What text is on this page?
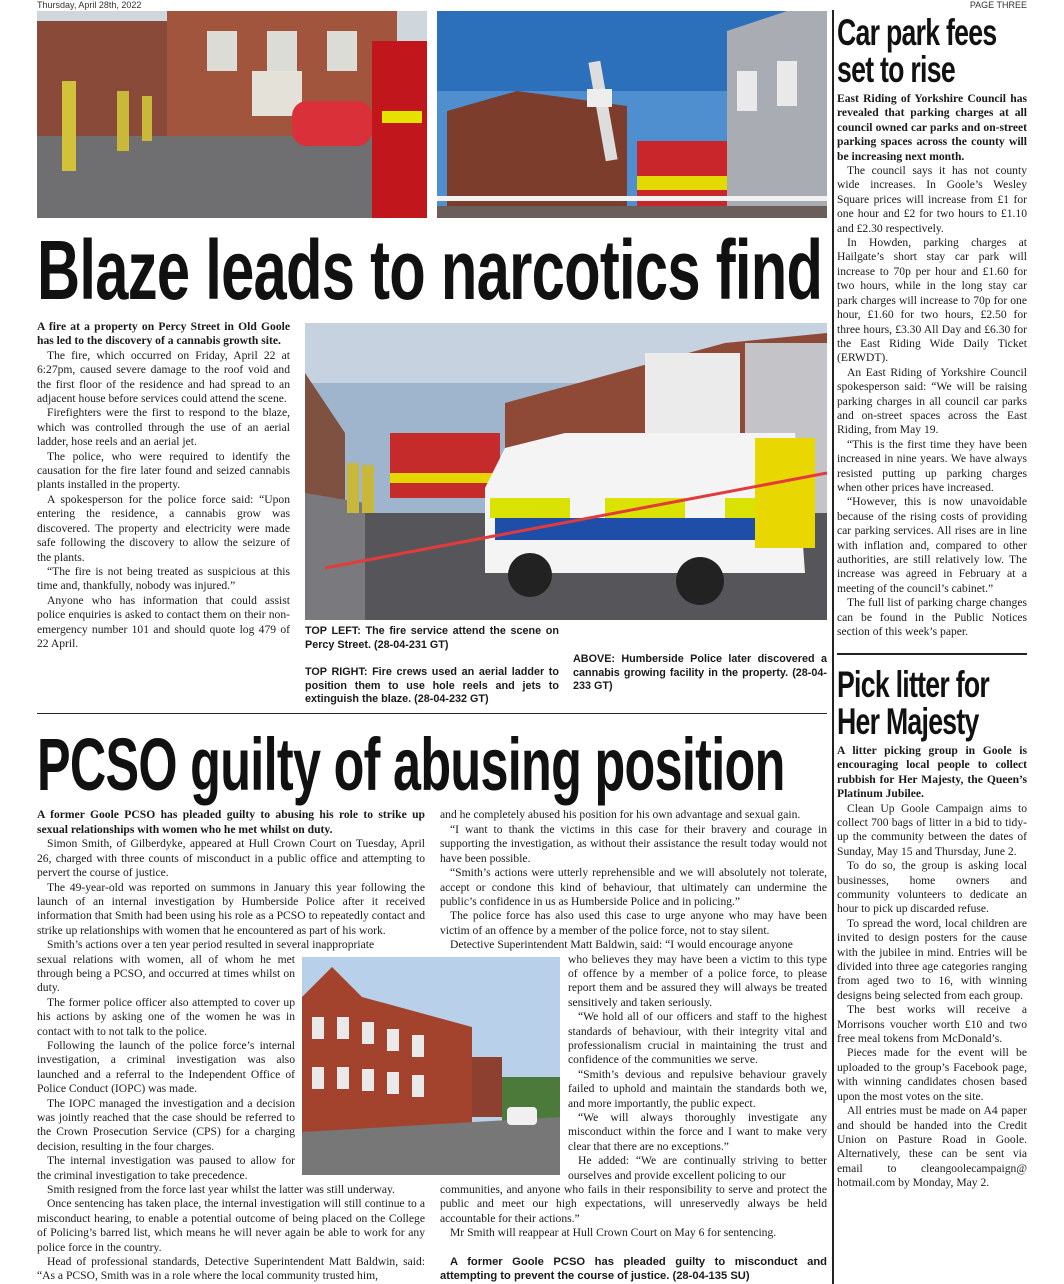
Thursday, April 28th, 2022	PAGE THREE
Blaze leads to narcotics find

A fire at a property on Percy Street in Old Goole has led to the discovery of a cannabis growth site.

The fire, which occurred on Friday, April 22 at 6:27pm, caused severe damage to the roof void and the first floor of the residence and had spread to an adjacent house before services could attend the scene.

Firefighters were the first to respond to the blaze, which was controlled through the use of an aerial ladder, hose reels and an aerial jet.

The police, who were required to identify the causation for the fire later found and seized cannabis plants installed in the property.

A spokesperson for the police force said: “Upon entering the residence, a cannabis grow was discovered. The property and electricity were made safe following the discovery to allow the seizure of the plants.

“The fire is not being treated as suspicious at this time and, thankfully, nobody was injured.”

Anyone who has information that could assist police enquiries is asked to contact them on their non-emergency number 101 and should quote log 479 of 22 April.

TOP LEFT: The fire service attend the scene on Percy Street. (28-04-231 GT)

TOP RIGHT: Fire crews used an aerial ladder to position them to use hole reels and jets to extinguish the blaze. (28-04-232 GT)

ABOVE: Humberside Police later discovered a cannabis growing facility in the property. (28-04-233 GT)

PCSO guilty of abusing position

A former Goole PCSO has pleaded guilty to abusing his role to strike up sexual relationships with women who he met whilst on duty.

Simon Smith, of Gilberdyke, appeared at Hull Crown Court on Tuesday, April 26, charged with three counts of misconduct in a public office and attempting to pervert the course of justice.

The 49-year-old was reported on summons in January this year following the launch of an internal investigation by Humberside Police after it received information that Smith had been using his role as a PCSO to repeatedly contact and strike up relationships with women that he encountered as part of his work.

Smith’s actions over a ten year period resulted in several inappropriate

sexual relations with women, all of whom he met through being a PCSO, and occurred at times whilst on duty.

The former police officer also attempted to cover up his actions by asking one of the women he was in contact with to not talk to the police.

Following the launch of the police force’s internal investigation, a criminal investigation was also launched and a referral to the Independent Office of Police Conduct (IOPC) was made.

The IOPC managed the investigation and a decision was jointly reached that the case should be referred to the Crown Prosecution Service (CPS) for a charging decision, resulting in the four charges.

The internal investigation was paused to allow for the criminal investigation to take precedence.

Smith resigned from the force last year whilst the latter was still underway.

Once sentencing has taken place, the internal investigation will still continue to a misconduct hearing, to enable a potential outcome of being placed on the College of Policing’s barred list, which means he will never again be able to work for any police force in the country.

Head of professional standards, Detective Superintendent Matt Baldwin, said: “As a PCSO, Smith was in a role where the local community trusted him,

and he completely abused his position for his own advantage and sexual gain.

“I want to thank the victims in this case for their bravery and courage in supporting the investigation, as without their assistance the result today would not have been possible.

“Smith’s actions were utterly reprehensible and we will absolutely not tolerate, accept or condone this kind of behaviour, that ultimately can undermine the public’s confidence in us as Humberside Police and in policing.”

The police force has also used this case to urge anyone who may have been victim of an offence by a member of the police force, not to stay silent.

Detective Superintendent Matt Baldwin, said: “I would encourage anyone

who believes they may have been a victim to this type of offence by a member of a police force, to please report them and be assured they will always be treated sensitively and taken seriously.

“We hold all of our officers and staff to the highest standards of behaviour, with their integrity vital and professionalism crucial in maintaining the trust and confidence of the communities we serve.

“Smith’s devious and repulsive behaviour gravely failed to uphold and maintain the standards both we, and more importantly, the public expect.

“We will always thoroughly investigate any misconduct within the force and I want to make very clear that there are no exceptions.”

He added: “We are continually striving to better ourselves and provide excellent policing to our

communities, and anyone who fails in their responsibility to serve and protect the public and meet our high expectations, will unreservedly always be held accountable for their actions.”

Mr Smith will reappear at Hull Crown Court on May 6 for sentencing.

A former Goole PCSO has pleaded guilty to misconduct and attempting to prevent the course of justice. (28-04-135 SU)

Car park fees
set to rise

East Riding of Yorkshire Council has revealed that parking charges at all council owned car parks and on-street parking spaces across the county will be increasing next month.

The council says it has not county wide increases. In Goole’s Wesley Square prices will increase from £1 for one hour and £2 for two hours to £1.10 and £2.30 respectively.

In Howden, parking charges at Hailgate’s short stay car park will increase to 70p per hour and £1.60 for two hours, while in the long stay car park charges will increase to 70p for one hour, £1.60 for two hours, £2.50 for three hours, £3.30 All Day and £6.30 for the East Riding Wide Daily Ticket (ERWDT).

An East Riding of Yorkshire Council spokesperson said: “We will be raising parking charges in all council car parks and on-street spaces across the East Riding, from May 19.

“This is the first time they have been increased in nine years. We have always resisted putting up parking charges when other prices have increased.

“However, this is now unavoidable because of the rising costs of providing car parking services. All rises are in line with inflation and, compared to other authorities, are still relatively low. The increase was agreed in February at a meeting of the council’s cabinet.”

The full list of parking charge changes can be found in the Public Notices section of this week’s paper.

Pick litter for
Her Majesty

A litter picking group in Goole is encouraging local people to collect rubbish for Her Majesty, the Queen’s Platinum Jubilee.

Clean Up Goole Campaign aims to collect 700 bags of litter in a bid to tidy-up the community between the dates of Sunday, May 15 and Thursday, June 2.

To do so, the group is asking local businesses, home owners and community volunteers to dedicate an hour to pick up discarded refuse.

To spread the word, local children are invited to design posters for the cause with the jubilee in mind. Entries will be divided into three age categories ranging from aged two to 16, with winning designs being selected from each group.

The best works will receive a Morrisons voucher worth £10 and two free meal tokens from McDonald’s.

Pieces made for the event will be uploaded to the group’s Facebook page, with winning candidates chosen based upon the most votes on the site.

All entries must be made on A4 paper and should be handed into the Credit Union on Pasture Road in Goole. Alternatively, these can be sent via email to cleangoolecampaign@ hotmail.com by Monday, May 2.
